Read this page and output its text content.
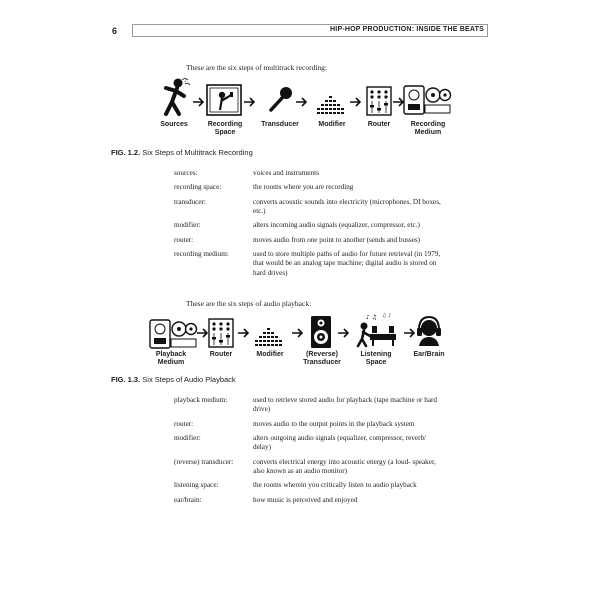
6	HIP-HOP PRODUCTION: INSIDE THE BEATS
These are the six steps of multitrack recording:
♪
Sources	Recording Space
Transducer	Modifier	Router	Recording Medium
FIG. 1.2. Six Steps of Multitrack Recording
sources:	voices and instruments
recording space:	the rooms where you are recording
transducer:	converts acoustic sounds into electricity (microphones, DI boxes, etc.)
modifier:	alters incoming audio signals (equalizer, compressor, etc.)
router:	moves audio from one point to another (sends and busses)
recording medium:	used to store multiple paths of audio for future retrieval (in 1979, that would be an analog tape machine; digital audio is stored on hard drives)
These are the six steps of audio playback:
♪ ♫ ♫ ♪
Playback Medium
Router	Modifier	(Reverse) Transducer
Listening Space
Ear/Brain
FIG. 1.3. Six Steps of Audio Playback
playback medium:	used to retrieve stored audio for playback (tape machine or hard drive)
router:	moves audio to the output points in the playback system
modifier:	alters outgoing audio signals (equalizer, compressor, reverb/ delay)
(reverse) transducer:	converts electrical energy into acoustic energy (a loud- speaker, also known as an audio monitor)
listening space:	the rooms wherein you critically listen to audio playback
ear/brain:	how music is perceived and enjoyed
